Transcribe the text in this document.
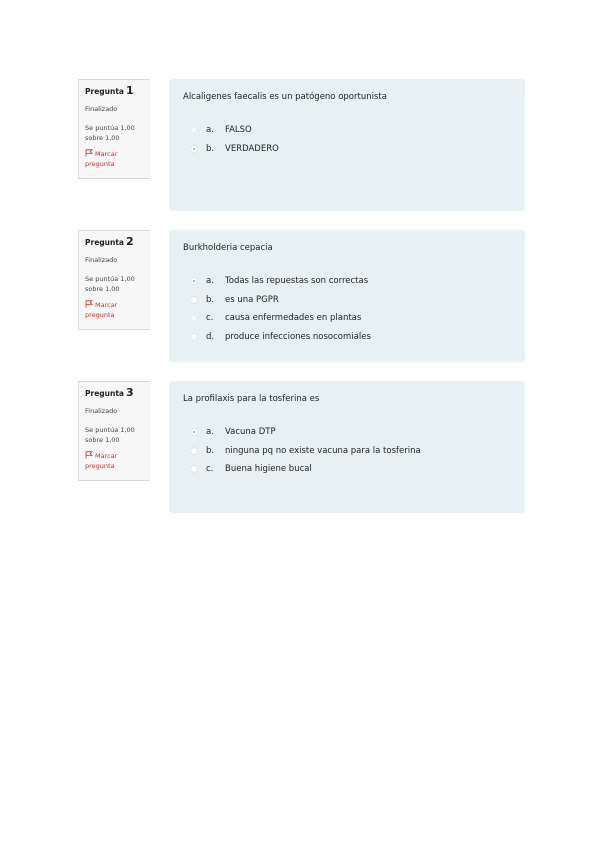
Pregunta 1
Finalizado
Se puntúa 1,00 sobre 1,00
Marcar pregunta
Alcaligenes faecalis es un patógeno oportunista
a.	FALSO
b.	VERDADERO
Pregunta 2
Finalizado
Se puntúa 1,00 sobre 1,00
Marcar pregunta
Burkholderia cepacia
a.	Todas las repuestas son correctas
b.	es una PGPR
c.	causa enfermedades en plantas
d.	produce infecciones nosocomiales
Pregunta 3
Finalizado
Se puntúa 1,00 sobre 1,00
Marcar pregunta
La profilaxis para la tosferina es
a.	Vacuna DTP
b.	ninguna pq no existe vacuna para la tosferina
c.	Buena higiene bucal
